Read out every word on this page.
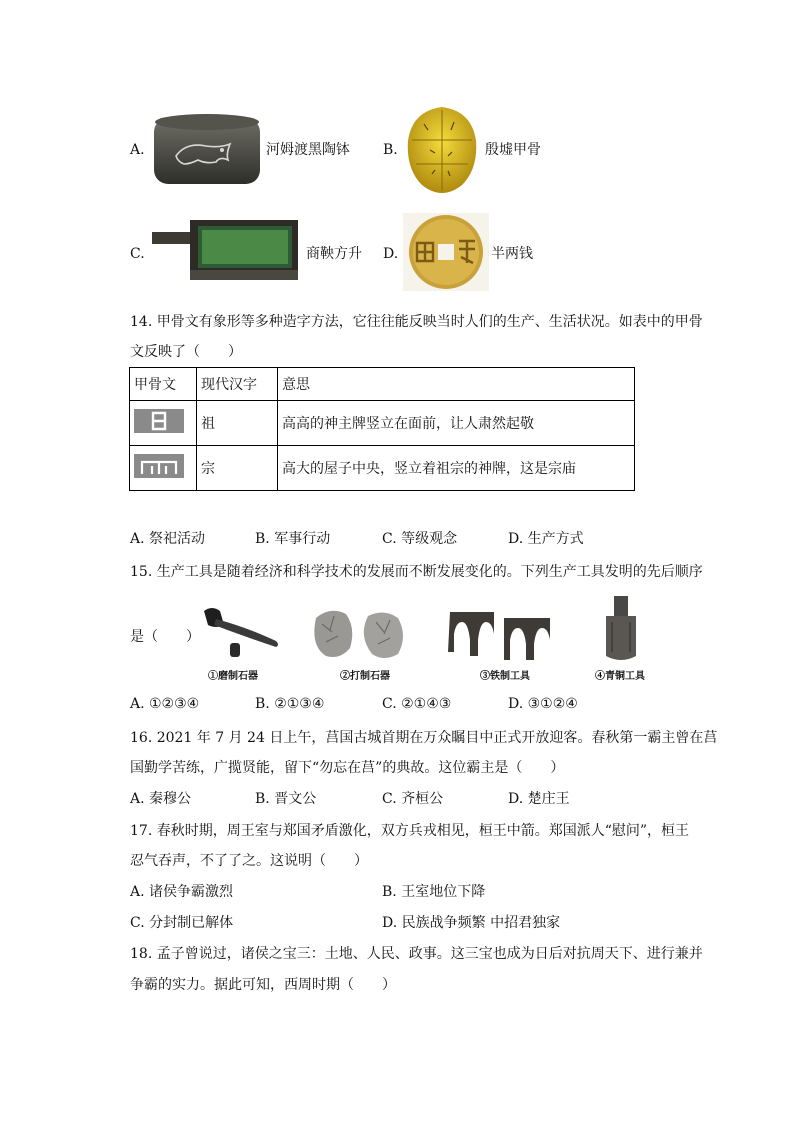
A.	河姆渡黑陶钵 B.	殷墟甲骨
C.	商鞅方升 D.	半两钱
14. 甲骨文有象形等多种造字方法，它往往能反映当时人们的生产、生活状况。如表中的甲骨
文反映了（　　）
甲骨文	现代汉字	意思
	祖	高高的神主牌竖立在面前，让人肃然起敬
	宗	高大的屋子中央，竖立着祖宗的神牌，这是宗庙
A. 祭祀活动	B. 军事行动	C. 等级观念	D. 生产方式
15. 生产工具是随着经济和科学技术的发展而不断发展变化的。下列生产工具发明的先后顺序
是（　　）
①磨制石器	②打制石器	③铁制工具	④青铜工具
A. ①②③④	B. ②①③④	C. ②①④③	D. ③①②④
16. 2021 年 7 月 24 日上午，莒国古城首期在万众瞩目中正式开放迎客。春秋第一霸主曾在莒
国勤学苦练，广揽贤能，留下“勿忘在莒”的典故。这位霸主是（　　）
A. 秦穆公	B. 晋文公	C. 齐桓公	D. 楚庄王
17. 春秋时期，周王室与郑国矛盾激化，双方兵戎相见，桓王中箭。郑国派人“慰问”，桓王
忍气吞声，不了了之。这说明（　　）
A. 诸侯争霸激烈	B. 王室地位下降
C. 分封制已解体	D. 民族战争频繁 中招君独家
18. 孟子曾说过，诸侯之宝三：土地、人民、政事。这三宝也成为日后对抗周天下、进行兼并
争霸的实力。据此可知，西周时期（　　）
